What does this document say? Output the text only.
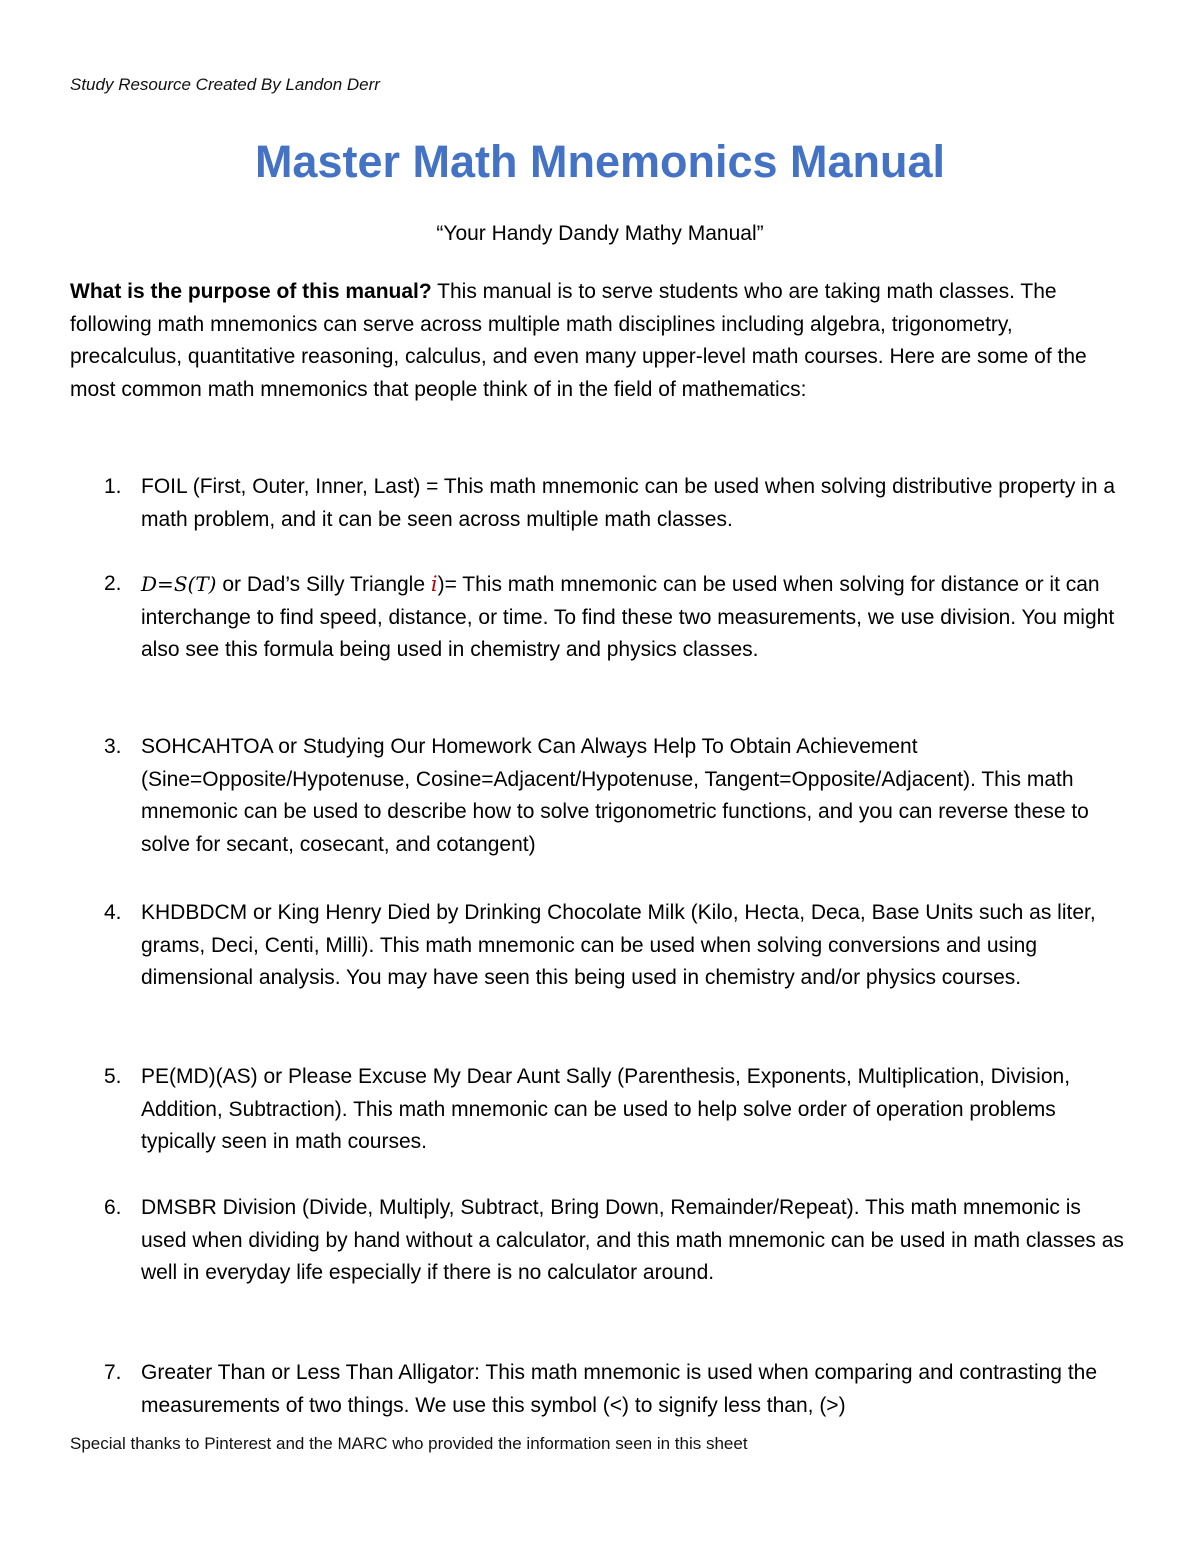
Study Resource Created By Landon Derr
Master Math Mnemonics Manual
“Your Handy Dandy Mathy Manual”
What is the purpose of this manual? This manual is to serve students who are taking math classes. The following math mnemonics can serve across multiple math disciplines including algebra, trigonometry, precalculus, quantitative reasoning, calculus, and even many upper-level math courses. Here are some of the most common math mnemonics that people think of in the field of mathematics:
1. FOIL (First, Outer, Inner, Last) = This math mnemonic can be used when solving distributive property in a math problem, and it can be seen across multiple math classes.
2. D=S(T) or Dad’s Silly Triangle i)= This math mnemonic can be used when solving for distance or it can interchange to find speed, distance, or time. To find these two measurements, we use division. You might also see this formula being used in chemistry and physics classes.
3. SOHCAHTOA or Studying Our Homework Can Always Help To Obtain Achievement (Sine=Opposite/Hypotenuse, Cosine=Adjacent/Hypotenuse, Tangent=Opposite/Adjacent). This math mnemonic can be used to describe how to solve trigonometric functions, and you can reverse these to solve for secant, cosecant, and cotangent)
4. KHDBDCM or King Henry Died by Drinking Chocolate Milk (Kilo, Hecta, Deca, Base Units such as liter, grams, Deci, Centi, Milli). This math mnemonic can be used when solving conversions and using dimensional analysis. You may have seen this being used in chemistry and/or physics courses.
5. PE(MD)(AS) or Please Excuse My Dear Aunt Sally (Parenthesis, Exponents, Multiplication, Division, Addition, Subtraction). This math mnemonic can be used to help solve order of operation problems typically seen in math courses.
6. DMSBR Division (Divide, Multiply, Subtract, Bring Down, Remainder/Repeat). This math mnemonic is used when dividing by hand without a calculator, and this math mnemonic can be used in math classes as well in everyday life especially if there is no calculator around.
7. Greater Than or Less Than Alligator: This math mnemonic is used when comparing and contrasting the measurements of two things. We use this symbol (<) to signify less than, (>)
Special thanks to Pinterest and the MARC who provided the information seen in this sheet
